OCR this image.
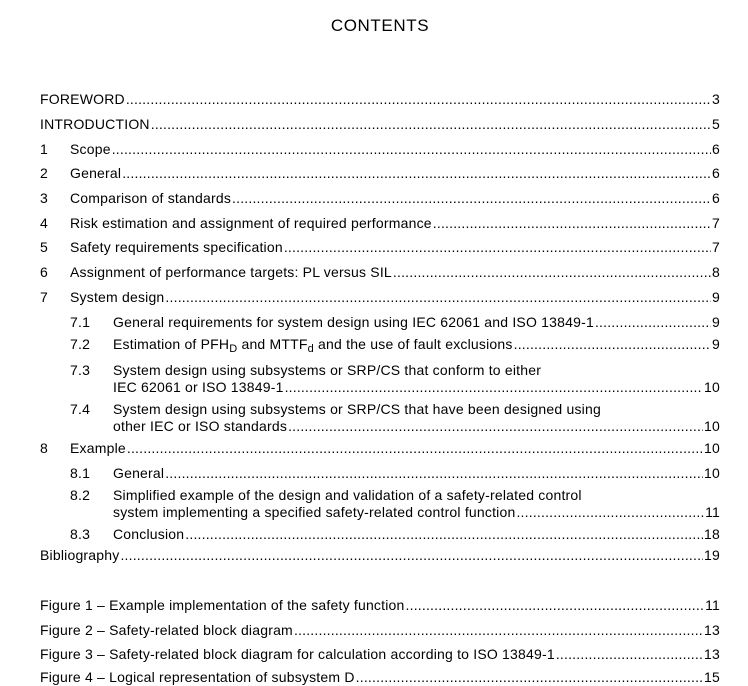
CONTENTS
FOREWORD .....	3
INTRODUCTION .....	5
1	Scope .....	6
2	General .....	6
3	Comparison of standards .....	6
4	Risk estimation and assignment of required performance .....	7
5	Safety requirements specification .....	7
6	Assignment of performance targets: PL versus SIL .....	8
7	System design .....	9
7.1	General requirements for system design using IEC 62061 and ISO 13849-1 .....	9
7.2	Estimation of $PFH_D$ and $MTTF_d$ and the use of fault exclusions .....	9
7.3	System design using subsystems or SRP/CS that conform to either
IEC 62061 or ISO 13849-1 .....	10
7.4	System design using subsystems or SRP/CS that have been designed using
other IEC or ISO standards .....	10
8	Example .....	10
8.1	General .....	10
8.2	Simplified example of the design and validation of a safety-related control
system implementing a specified safety-related control function .....	11
8.3	Conclusion .....	18
Bibliography .....	19
Figure 1 – Example implementation of the safety function .....	11
Figure 2 – Safety-related block diagram .....	13
Figure 3 – Safety-related block diagram for calculation according to ISO 13849-1 .....	13
Figure 4 – Logical representation of subsystem D .....	15
